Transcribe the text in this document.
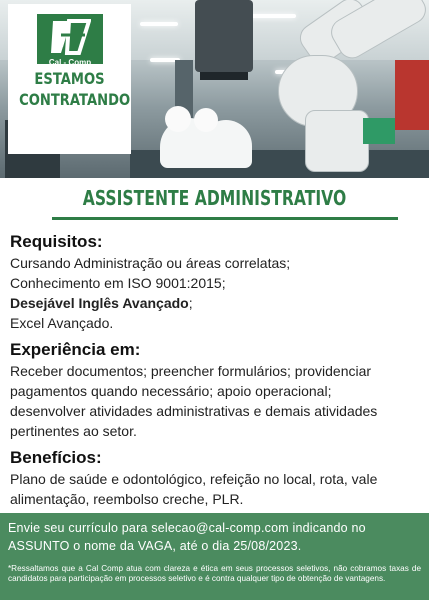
Cal - Comp
ESTAMOS
CONTRATANDO
ASSISTENTE ADMINISTRATIVO

Requisitos:

Cursando Administração ou áreas correlatas;

Conhecimento em ISO 9001:2015;

Desejável Inglês Avançado;

Excel Avançado.

Experiência em:

Receber documentos; preencher formulários; providenciar

pagamentos quando necessário; apoio operacional;

desenvolver atividades administrativas e demais atividades

pertinentes ao setor.

Benefícios:

Plano de saúde e odontológico, refeição no local, rota, vale

alimentação, reembolso creche, PLR.

Envie seu currículo para selecao@cal-comp.com indicando no
ASSUNTO o nome da VAGA, até o dia 25/08/2023.
*Ressaltamos que a Cal Comp atua com clareza e ética em seus processos seletivos, não cobramos taxas de candidatos para participação em processos seletivo e é contra qualquer tipo de obtenção de vantagens.
